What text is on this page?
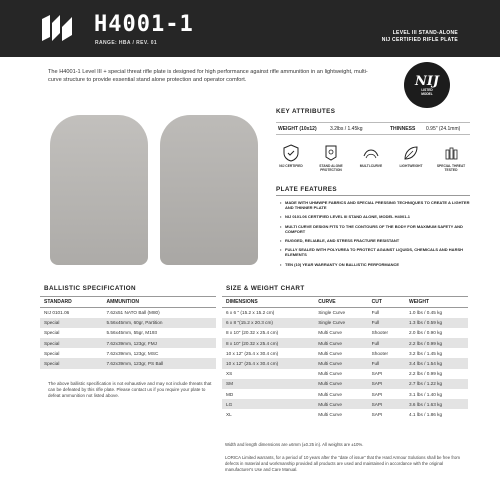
H4001-1
RANGE: HBA / REV. 01
LEVEL III STAND-ALONE
NIJ CERTIFIED RIFLE PLATE

The H4001-1 Level III + special threat rifle plate is designed for high performance against rifle ammunition in an lightweight, multi-curve structure to provide essential stand alone protection and operator comfort.	NIJ
LISTED
MODEL
KEY ATTRIBUTES
WEIGHT (10x12)	3.2lbs / 1.45kg	THINNESS 0.95" (24.1mm)
NIJ CERTIFIED	STAND ALONE PROTECTION
MULTI-CURVE	LIGHTWEIGHT	SPECIAL THREAT TESTED
PLATE FEATURES
• MADE WITH UHMWPE FABRICS AND SPECIAL PRESSING TECHNIQUES TO CREATE A LIGHTER AND THINNER PLATE
• NIJ 0101.06 CERTIFIED LEVEL III STAND ALONE, MODEL H4001-1
• MULTI CURVE DESIGN FITS TO THE CONTOURS OF THE BODY FOR MAXIMUM SAFETY AND COMFORT
• RUGGED, RELIABLE, AND STRESS FRACTURE RESISTANT
• FULLY SEALED WITH POLYUREA TO PROTECT AGAINST LIQUIDS, CHEMICALS AND HARSH ELEMENTS
• TEN (10) YEAR WARRANTY ON BALLISTIC PERFORMANCE
BALLISTIC SPECIFICATION
STANDARD	AMMUNITION
NIJ 0101.06	7.62x51 NATO Ball (M80)
Special	5.56x45mm, 60gr, Partition
Special	5.56x45mm, 55gr, M193
Special	7.62x39mm, 123gr, FMJ
Special	7.62x39mm, 123gr, MSC
Special	7.62x39mm, 123gr, PS Ball

The above ballistic specification is not exhaustive and may not include threats that can be defeated by this rifle plate. Please contact us if you require your plate to defeat ammunition not listed above.

SIZE & WEIGHT CHART
DIMENSIONS	CURVE	CUT	WEIGHT
6 x 6 " (15.2 x 15.2 cm)	Single Curve	Full	1.0 lbs / 0.45 kg
6 x 8 "(15.2 x 20.3 cm)	Single Curve	Full	1.3 lbs / 0.59 kg
8 x 10" (20.32 x 25.4 cm)	Multi Curve	Shooter	2.0 lbs / 0.90 kg
8 x 10" (20.32 x 25.4 cm)	Multi Curve	Full	2.2 lbs / 0.99 kg
10 x 12" (25.4 x 30.4 cm)	Multi Curve	Shooter	3.2 lbs / 1.45 kg
10 x 12" (25.4 x 30.4 cm)	Multi Curve	Full	3.4 lbs / 1.54 kg
XS	Multi Curve	SAPI	2.2 lbs / 0.99 kg
SM	Multi Curve	SAPI	2.7 lbs / 1.22 kg
MD	Multi Curve	SAPI	3.1 lbs / 1.40 kg
LG	Multi Curve	SAPI	3.6 lbs / 1.63 kg
XL	Multi Curve	SAPI	4.1 lbs / 1.86 kg

Width and length dimensions are ±6mm (±0.25 in). All weights are ±10%.

LORICA Limited warrants, for a period of 10 years after the "date of issue" that the Hard Armour Solutions shall be free from defects in material and workmanship provided all products are used and maintained in accordance with the original manufacturer's Use and Care Manual.
